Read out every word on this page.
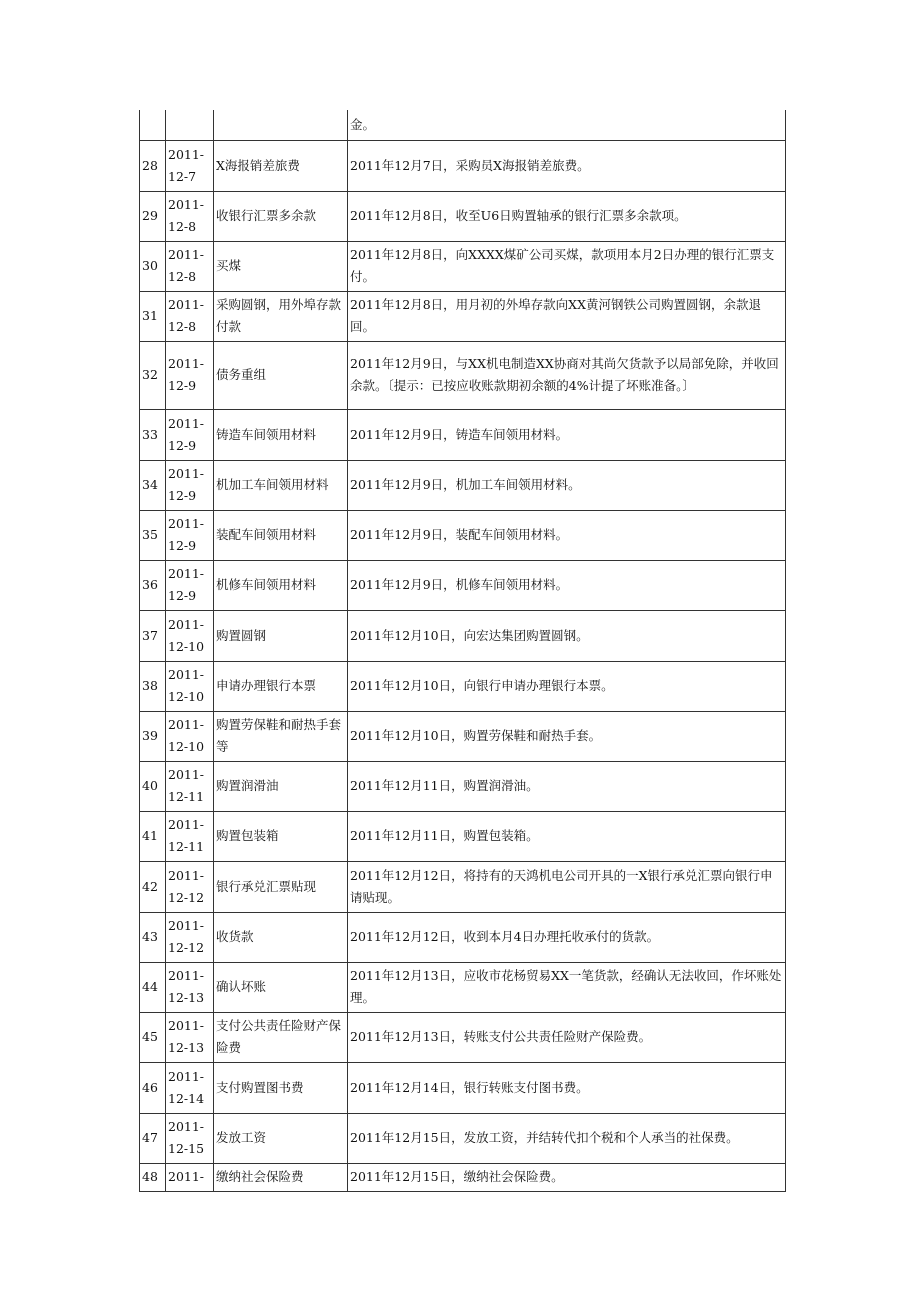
			金。
28	2011-12-7	X海报销差旅费	2011年12月7日，采购员X海报销差旅费。
29	2011-12-8	收银行汇票多余款	2011年12月8日，收至U6日购置轴承的银行汇票多余款项。
30	2011-12-8	买煤	2011年12月8日，向XXXX煤矿公司买煤，款项用本月2日办理的银行汇票支付。
31	2011-12-8	采购圆钢，用外埠存款付款	2011年12月8日，用月初的外埠存款向XX黄河钢铁公司购置圆钢，余款退回。
32	2011-12-9	债务重组	2011年12月9日，与XX机电制造XX协商对其尚欠货款予以局部免除，并收回余款。〔提示：已按应收账款期初余额的4%计提了坏账准备。〕
33	2011-12-9	铸造车间领用材料	2011年12月9日，铸造车间领用材料。
34	2011-12-9	机加工车间领用材料	2011年12月9日，机加工车间领用材料。
35	2011-12-9	装配车间领用材料	2011年12月9日，装配车间领用材料。
36	2011-12-9	机修车间领用材料	2011年12月9日，机修车间领用材料。
37	2011-12-10	购置圆钢	2011年12月10日，向宏达集团购置圆钢。
38	2011-12-10	申请办理银行本票	2011年12月10日，向银行申请办理银行本票。
39	2011-12-10	购置劳保鞋和耐热手套等	2011年12月10日，购置劳保鞋和耐热手套。
40	2011-12-11	购置润滑油	2011年12月11日，购置润滑油。
41	2011-12-11	购置包装箱	2011年12月11日，购置包装箱。
42	2011-12-12	银行承兑汇票贴现	2011年12月12日，将持有的天鸿机电公司开具的一X银行承兑汇票向银行申请贴现。
43	2011-12-12	收货款	2011年12月12日，收到本月4日办理托收承付的货款。
44	2011-12-13	确认坏账	2011年12月13日，应收市花杨贸易XX一笔货款，经确认无法收回，作坏账处理。
45	2011-12-13	支付公共责任险财产保险费	2011年12月13日，转账支付公共责任险财产保险费。
46	2011-12-14	支付购置图书费	2011年12月14日，银行转账支付图书费。
47	2011-12-15	发放工资	2011年12月15日，发放工资，并结转代扣个税和个人承当的社保费。
48	2011-	缴纳社会保险费	2011年12月15日，缴纳社会保险费。
